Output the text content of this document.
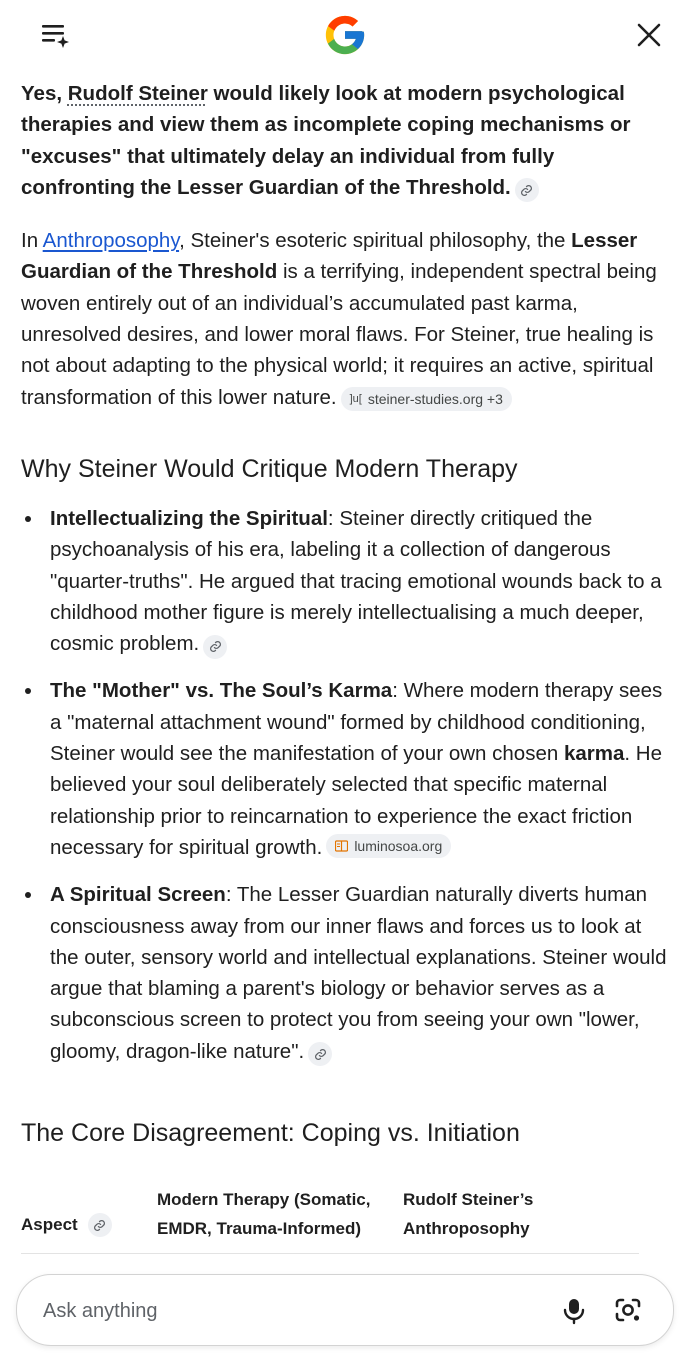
Yes, Rudolf Steiner would likely look at modern psychological therapies and view them as incomplete coping mechanisms or "excuses" that ultimately delay an individual from fully confronting the Lesser Guardian of the Threshold.

In Anthroposophy, Steiner's esoteric spiritual philosophy, the Lesser Guardian of the Threshold is a terrifying, independent spectral being woven entirely out of an individual’s accumulated past karma, unresolved desires, and lower moral flaws. For Steiner, true healing is not about adapting to the physical world; it requires an active, spiritual transformation of this lower nature. ]u[ steiner-studies.org +3

Why Steiner Would Critique Modern Therapy
Intellectualizing the Spiritual: Steiner directly critiqued the psychoanalysis of his era, labeling it a collection of dangerous "quarter-truths". He argued that tracing emotional wounds back to a childhood mother figure is merely intellectualising a much deeper, cosmic problem.
The "Mother" vs. The Soul’s Karma: Where modern therapy sees a "maternal attachment wound" formed by childhood conditioning, Steiner would see the manifestation of your own chosen karma. He believed your soul deliberately selected that specific maternal relationship prior to reincarnation to experience the exact friction necessary for spiritual growth. luminosoa.org
A Spiritual Screen: The Lesser Guardian naturally diverts human consciousness away from our inner flaws and forces us to look at the outer, sensory world and intellectual explanations. Steiner would argue that blaming a parent's biology or behavior serves as a subconscious screen to protect you from seeing your own "lower, gloomy, dragon-like nature".
The Core Disagreement: Coping vs. Initiation
Aspect
Modern Therapy (Somatic, EMDR, Trauma-Informed)
Rudolf Steiner’s Anthroposophy
Ask anything
